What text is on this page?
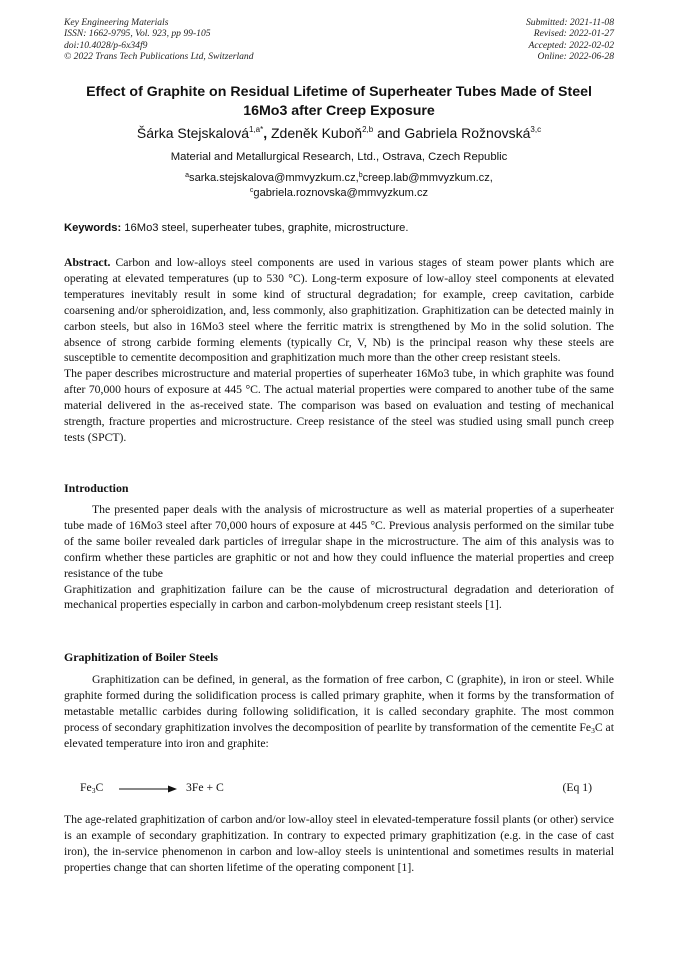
Key Engineering Materials
ISSN: 1662-9795, Vol. 923, pp 99-105
doi:10.4028/p-6x34f9
© 2022 Trans Tech Publications Ltd, Switzerland
Submitted: 2021-11-08
Revised: 2022-01-27
Accepted: 2022-02-02
Online: 2022-06-28
Effect of Graphite on Residual Lifetime of Superheater Tubes Made of Steel 16Mo3 after Creep Exposure
Šárka Stejskalová$^{1,a*}$, Zdeněk Kuboň$^{2,b}$ and Gabriela Rožnovská$^{3,c}$
Material and Metallurgical Research, Ltd., Ostrava, Czech Republic
$^a$sarka.stejskalova@mmvyzkum.cz,$^b$creep.lab@mmvyzkum.cz,
$^c$gabriela.roznovska@mmvyzkum.cz
Keywords: 16Mo3 steel, superheater tubes, graphite, microstructure.

Abstract. Carbon and low-alloys steel components are used in various stages of steam power plants which are operating at elevated temperatures (up to 530 °C). Long-term exposure of low-alloy steel components at elevated temperatures inevitably result in some kind of structural degradation; for example, creep cavitation, carbide coarsening and/or spheroidization, and, less commonly, also graphitization. Graphitization can be detected mainly in carbon steels, but also in 16Mo3 steel where the ferritic matrix is strengthened by Mo in the solid solution. The absence of strong carbide forming elements (typically Cr, V, Nb) is the principal reason why these steels are susceptible to cementite decomposition and graphitization much more than the other creep resistant steels.

The paper describes microstructure and material properties of superheater 16Mo3 tube, in which graphite was found after 70,000 hours of exposure at 445 °C. The actual material properties were compared to another tube of the same material delivered in the as-received state. The comparison was based on evaluation and testing of mechanical strength, fracture properties and microstructure. Creep resistance of the steel was studied using small punch creep tests (SPCT).

Introduction

The presented paper deals with the analysis of microstructure as well as material properties of a superheater tube made of 16Mo3 steel after 70,000 hours of exposure at 445 °C. Previous analysis performed on the similar tube of the same boiler revealed dark particles of irregular shape in the microstructure. The aim of this analysis was to confirm whether these particles are graphitic or not and how they could influence the material properties and creep resistance of the tube

Graphitization and graphitization failure can be the cause of microstructural degradation and deterioration of mechanical properties especially in carbon and carbon-molybdenum creep resistant steels [1].

Graphitization of Boiler Steels

Graphitization can be defined, in general, as the formation of free carbon, C (graphite), in iron or steel. While graphite formed during the solidification process is called primary graphite, when it forms by the transformation of metastable metallic carbides during following solidification, it is called secondary graphite. The most common process of secondary graphitization involves the decomposition of pearlite by transformation of the cementite $Fe_3C$ at elevated temperature into iron and graphite:

$Fe_3C$	3Fe + C	(Eq 1)

The age-related graphitization of carbon and/or low-alloy steel in elevated-temperature fossil plants (or other) service is an example of secondary graphitization. In contrary to expected primary graphitization (e.g. in the case of cast iron), the in-service phenomenon in carbon and low-alloy steels is unintentional and sometimes results in material properties change that can shorten lifetime of the operating component [1].
